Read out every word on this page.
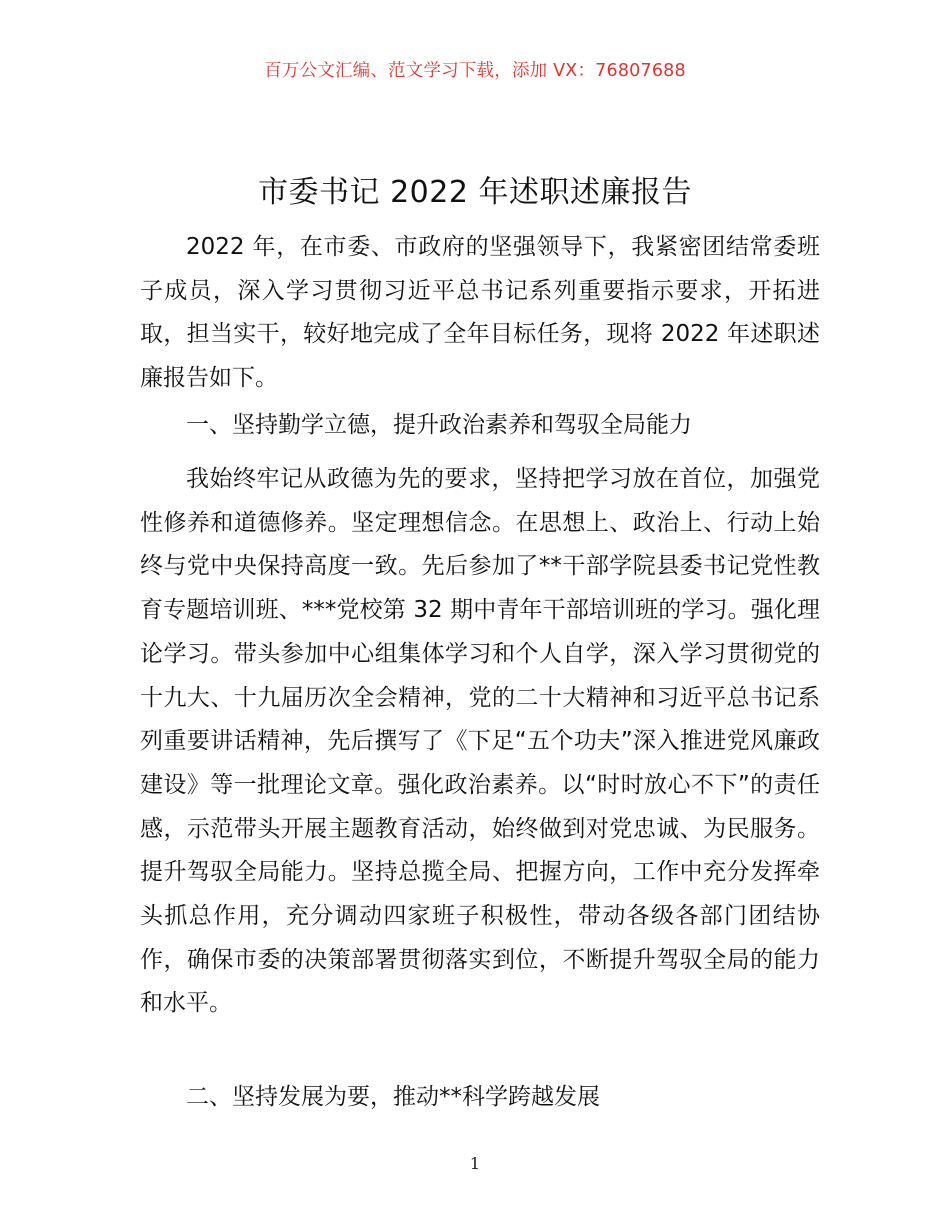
百万公文汇编、范文学习下载，添加 VX：76807688
市委书记 2022 年述职述廉报告

2022 年，在市委、市政府的坚强领导下，我紧密团结常委班子成员，深入学习贯彻习近平总书记系列重要指示要求，开拓进取，担当实干，较好地完成了全年目标任务，现将 2022 年述职述廉报告如下。

一、坚持勤学立德，提升政治素养和驾驭全局能力

我始终牢记从政德为先的要求，坚持把学习放在首位，加强党性修养和道德修养。坚定理想信念。在思想上、政治上、行动上始终与党中央保持高度一致。先后参加了**干部学院县委书记党性教育专题培训班、***党校第 32 期中青年干部培训班的学习。强化理论学习。带头参加中心组集体学习和个人自学，深入学习贯彻党的十九大、十九届历次全会精神，党的二十大精神和习近平总书记系列重要讲话精神，先后撰写了《下足“五个功夫”深入推进党风廉政建设》等一批理论文章。强化政治素养。以“时时放心不下”的责任感，示范带头开展主题教育活动，始终做到对党忠诚、为民服务。提升驾驭全局能力。坚持总揽全局、把握方向，工作中充分发挥牵头抓总作用，充分调动四家班子积极性，带动各级各部门团结协作，确保市委的决策部署贯彻落实到位，不断提升驾驭全局的能力和水平。

二、坚持发展为要，推动**科学跨越发展
1
